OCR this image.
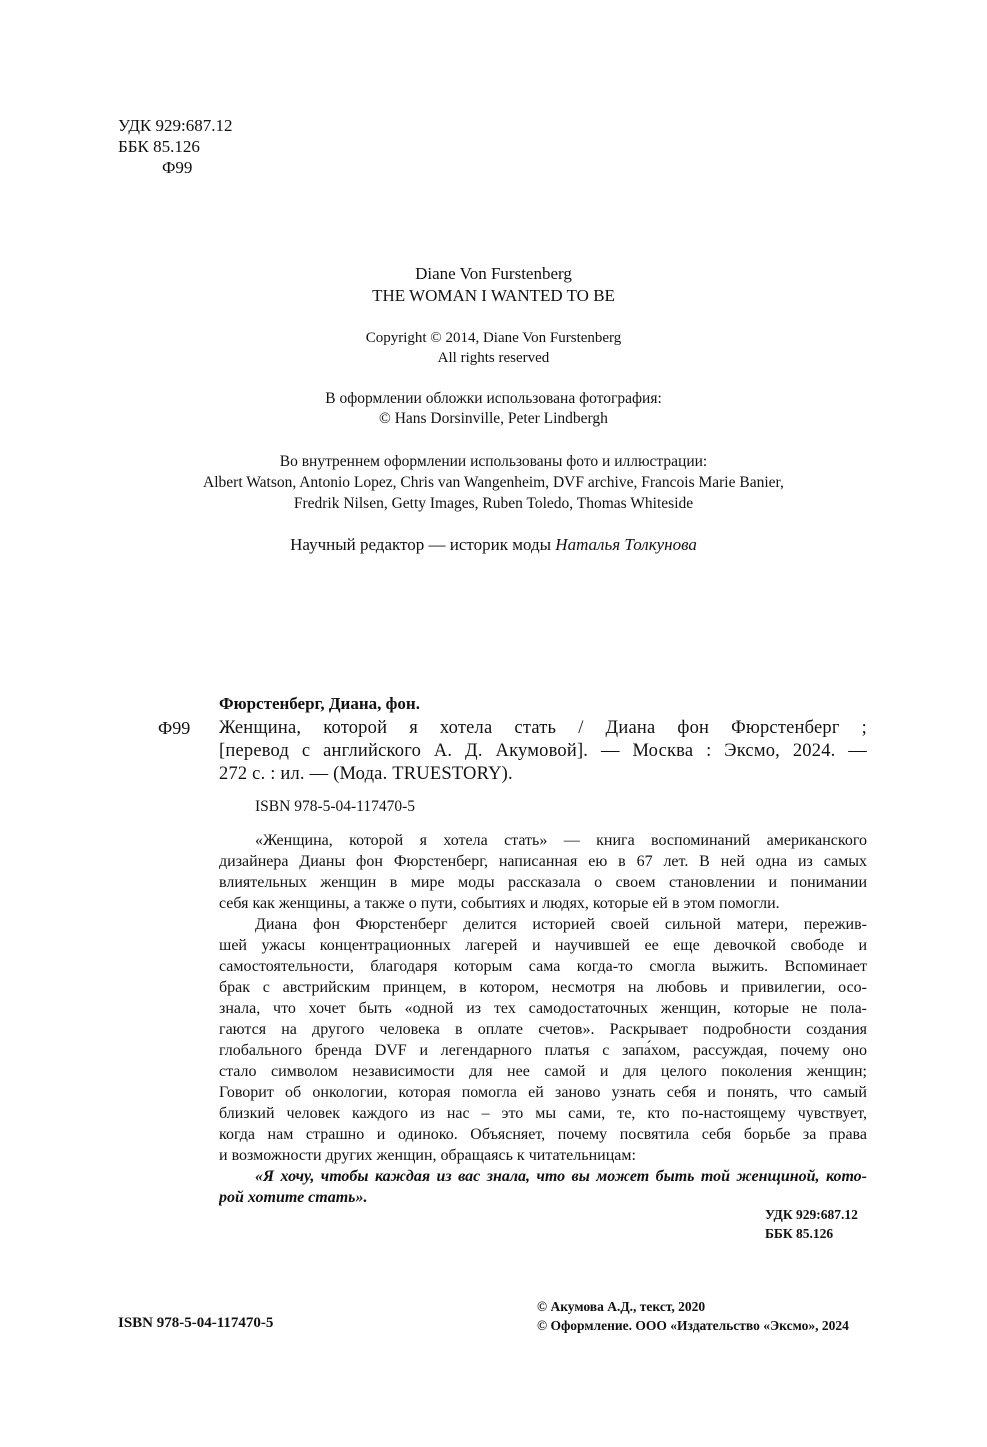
УДК 929:687.12
ББК 85.126
Ф99
Diane Von Furstenberg
THE WOMAN I WANTED TO BE
Copyright © 2014, Diane Von Furstenberg
All rights reserved
В оформлении обложки использована фотография:
© Hans Dorsinville, Peter Lindbergh
Во внутреннем оформлении использованы фото и иллюстрации:
Albert Watson, Antonio Lopez, Chris van Wangenheim, DVF archive, Francois Marie Banier,
Fredrik Nilsen, Getty Images, Ruben Toledo, Thomas Whiteside
Научный редактор — историк моды Наталья Толкунова
Фюрстенберг, Диана, фон.
Ф99 Женщина, которой я хотела стать / Диана фон Фюрстенберг ;
[перевод с английского А. Д. Акумовой]. — Москва : Эксмо, 2024. —
272 с. : ил. — (Мода. TRUESTORY).
ISBN 978-5-04-117470-5
«Женщина, которой я хотела стать» — книга воспоминаний американского
дизайнера Дианы фон Фюрстенберг, написанная ею в 67 лет. В ней одна из самых
влиятельных женщин в мире моды рассказала о своем становлении и понимании
себя как женщины, а также о пути, событиях и людях, которые ей в этом помогли.
Диана фон Фюрстенберг делится историей своей сильной матери, пережив-
шей ужасы концентрационных лагерей и научившей ее еще девочкой свободе и
самостоятельности, благодаря которым сама когда-то смогла выжить. Вспоминает
брак с австрийским принцем, в котором, несмотря на любовь и привилегии, осо-
знала, что хочет быть «одной из тех самодостаточных женщин, которые не пола-
гаются на другого человека в оплате счетов». Раскрывает подробности создания
глобального бренда DVF и легендарного платья с запа́хом, рассуждая, почему оно
стало символом независимости для нее самой и для целого поколения женщин;
Говорит об онкологии, которая помогла ей заново узнать себя и понять, что самый
близкий человек каждого из нас – это мы сами, те, кто по-настоящему чувствует,
когда нам страшно и одиноко. Объясняет, почему посвятила себя борьбе за права
и возможности других женщин, обращаясь к читательницам:
«Я хочу, чтобы каждая из вас знала, что вы может быть той женщиной, кото-
рой хотите стать».
УДК 929:687.12
ББК 85.126
ISBN 978-5-04-117470-5
© Акумова А.Д., текст, 2020
© Оформление. ООО «Издательство «Эксмо», 2024
